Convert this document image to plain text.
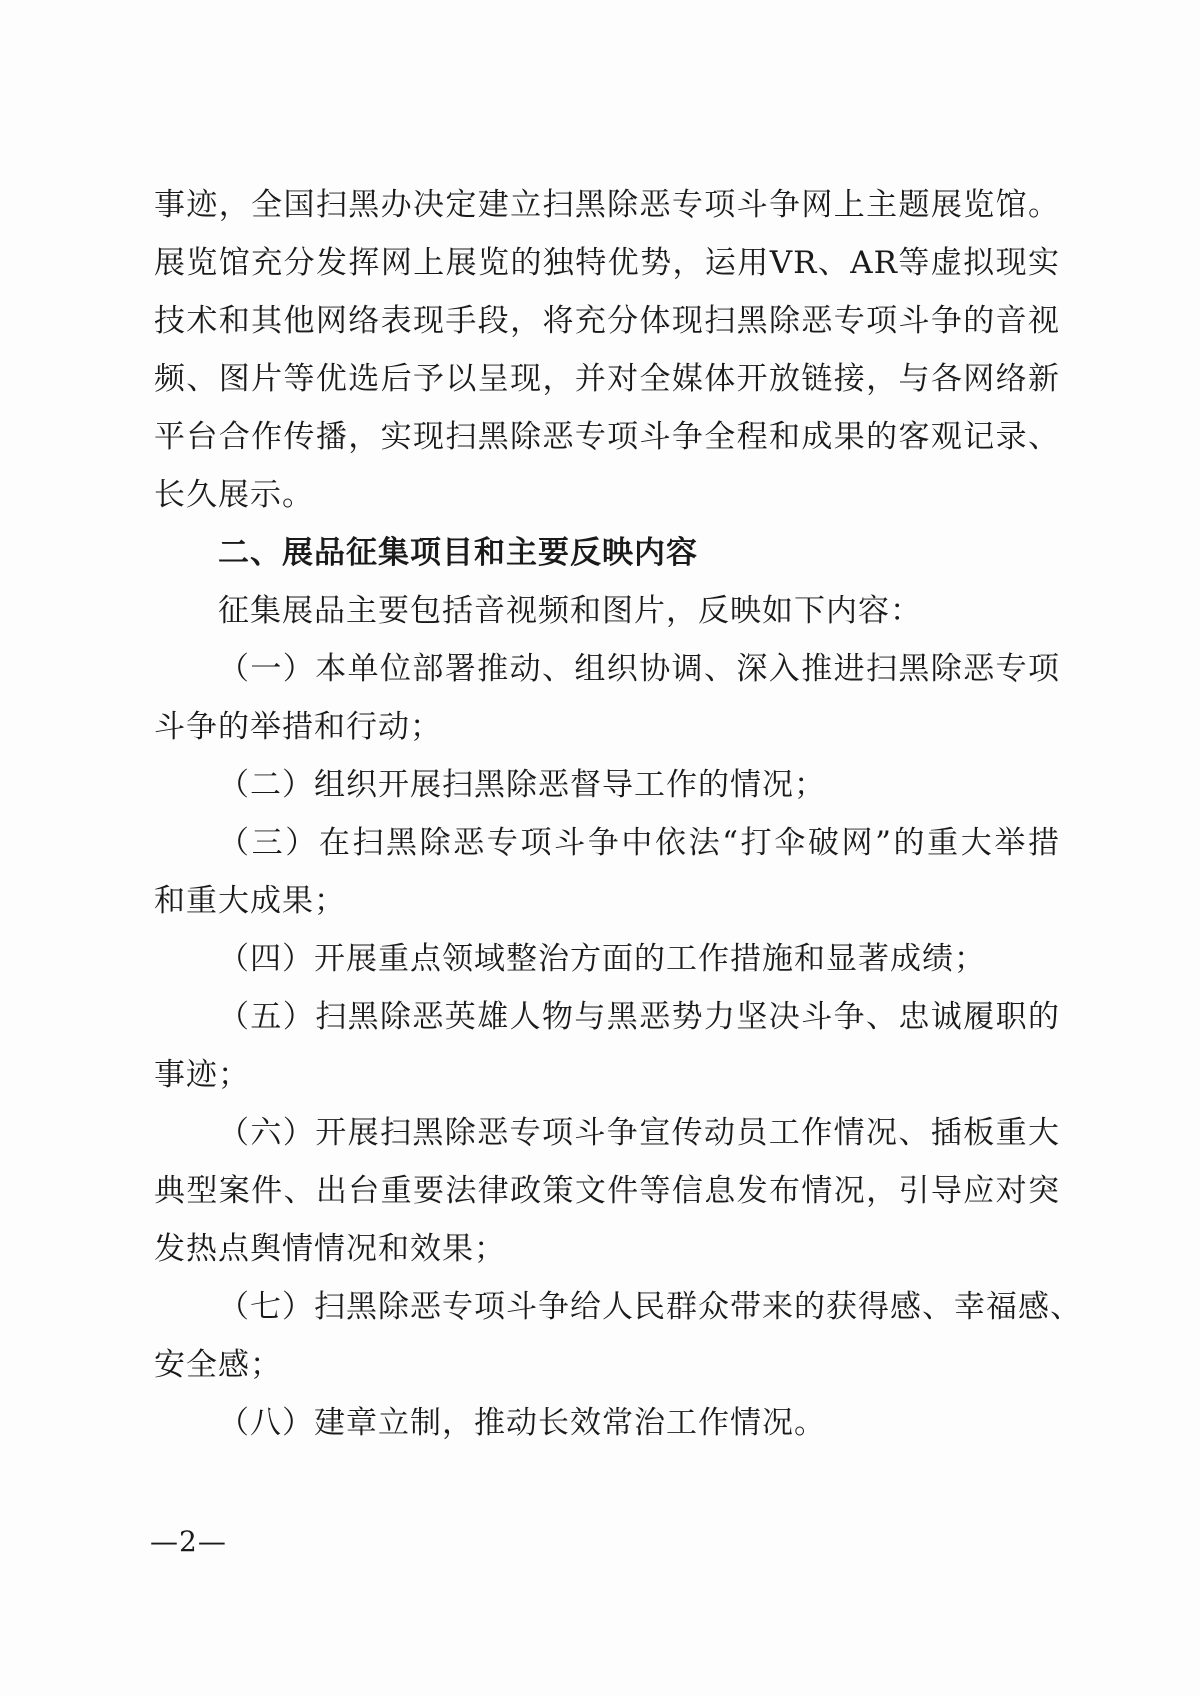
事迹，全国扫黑办决定建立扫黑除恶专项斗争网上主题展览馆。
展览馆充分发挥网上展览的独特优势，运用VR、AR等虚拟现实
技术和其他网络表现手段，将充分体现扫黑除恶专项斗争的音视
频、图片等优选后予以呈现，并对全媒体开放链接，与各网络新
平台合作传播，实现扫黑除恶专项斗争全程和成果的客观记录、
长久展示。
二、展品征集项目和主要反映内容
征集展品主要包括音视频和图片，反映如下内容：
（一）本单位部署推动、组织协调、深入推进扫黑除恶专项
斗争的举措和行动；
（二）组织开展扫黑除恶督导工作的情况；
（三）在扫黑除恶专项斗争中依法“打伞破网”的重大举措
和重大成果；
（四）开展重点领域整治方面的工作措施和显著成绩；
（五）扫黑除恶英雄人物与黑恶势力坚决斗争、忠诚履职的
事迹；
（六）开展扫黑除恶专项斗争宣传动员工作情况、插板重大
典型案件、出台重要法律政策文件等信息发布情况，引导应对突
发热点舆情情况和效果；
（七）扫黑除恶专项斗争给人民群众带来的获得感、幸福感、
安全感；
（八）建章立制，推动长效常治工作情况。
—2—
